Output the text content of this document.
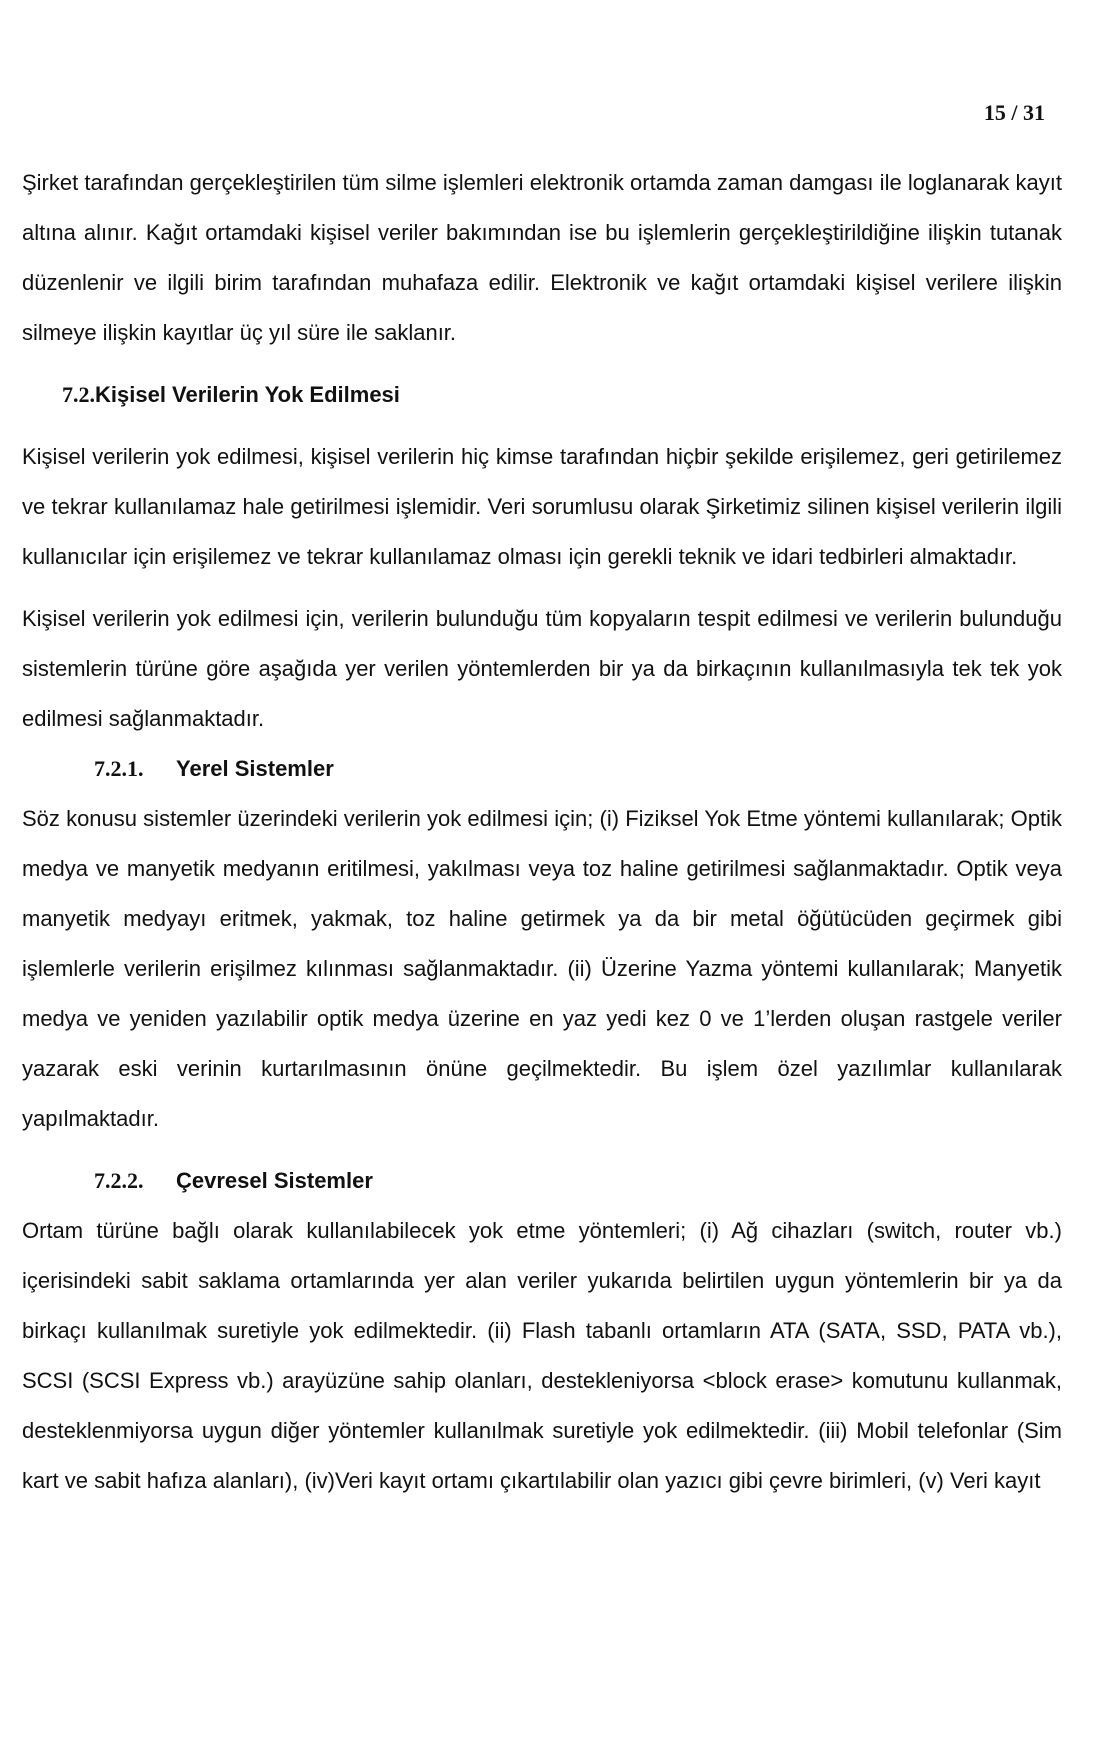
15 / 31

Şirket tarafından gerçekleştirilen tüm silme işlemleri elektronik ortamda zaman damgası ile loglanarak kayıt altına alınır. Kağıt ortamdaki kişisel veriler bakımından ise bu işlemlerin gerçekleştirildiğine ilişkin tutanak düzenlenir ve ilgili birim tarafından muhafaza edilir. Elektronik ve kağıt ortamdaki kişisel verilere ilişkin silmeye ilişkin kayıtlar üç yıl süre ile saklanır.

7.2.Kişisel Verilerin Yok Edilmesi

Kişisel verilerin yok edilmesi, kişisel verilerin hiç kimse tarafından hiçbir şekilde erişilemez, geri getirilemez ve tekrar kullanılamaz hale getirilmesi işlemidir. Veri sorumlusu olarak Şirketimiz silinen kişisel verilerin ilgili kullanıcılar için erişilemez ve tekrar kullanılamaz olması için gerekli teknik ve idari tedbirleri almaktadır.

Kişisel verilerin yok edilmesi için, verilerin bulunduğu tüm kopyaların tespit edilmesi ve verilerin bulunduğu sistemlerin türüne göre aşağıda yer verilen yöntemlerden bir ya da birkaçının kullanılmasıyla tek tek yok edilmesi sağlanmaktadır.

7.2.1. Yerel Sistemler

Söz konusu sistemler üzerindeki verilerin yok edilmesi için; (i) Fiziksel Yok Etme yöntemi kullanılarak; Optik medya ve manyetik medyanın eritilmesi, yakılması veya toz haline getirilmesi sağlanmaktadır. Optik veya manyetik medyayı eritmek, yakmak, toz haline getirmek ya da bir metal öğütücüden geçirmek gibi işlemlerle verilerin erişilmez kılınması sağlanmaktadır. (ii) Üzerine Yazma yöntemi kullanılarak; Manyetik medya ve yeniden yazılabilir optik medya üzerine en yaz yedi kez 0 ve 1’lerden oluşan rastgele veriler yazarak eski verinin kurtarılmasının önüne geçilmektedir. Bu işlem özel yazılımlar kullanılarak yapılmaktadır.

7.2.2. Çevresel Sistemler

Ortam türüne bağlı olarak kullanılabilecek yok etme yöntemleri; (i) Ağ cihazları (switch, router vb.) içerisindeki sabit saklama ortamlarında yer alan veriler yukarıda belirtilen uygun yöntemlerin bir ya da birkaçı kullanılmak suretiyle yok edilmektedir. (ii) Flash tabanlı ortamların ATA (SATA, SSD, PATA vb.), SCSI (SCSI Express vb.) arayüzüne sahip olanları, destekleniyorsa <block erase> komutunu kullanmak, desteklenmiyorsa uygun diğer yöntemler kullanılmak suretiyle yok edilmektedir. (iii) Mobil telefonlar (Sim kart ve sabit hafıza alanları), (iv)Veri kayıt ortamı çıkartılabilir olan yazıcı gibi çevre birimleri, (v) Veri kayıt
